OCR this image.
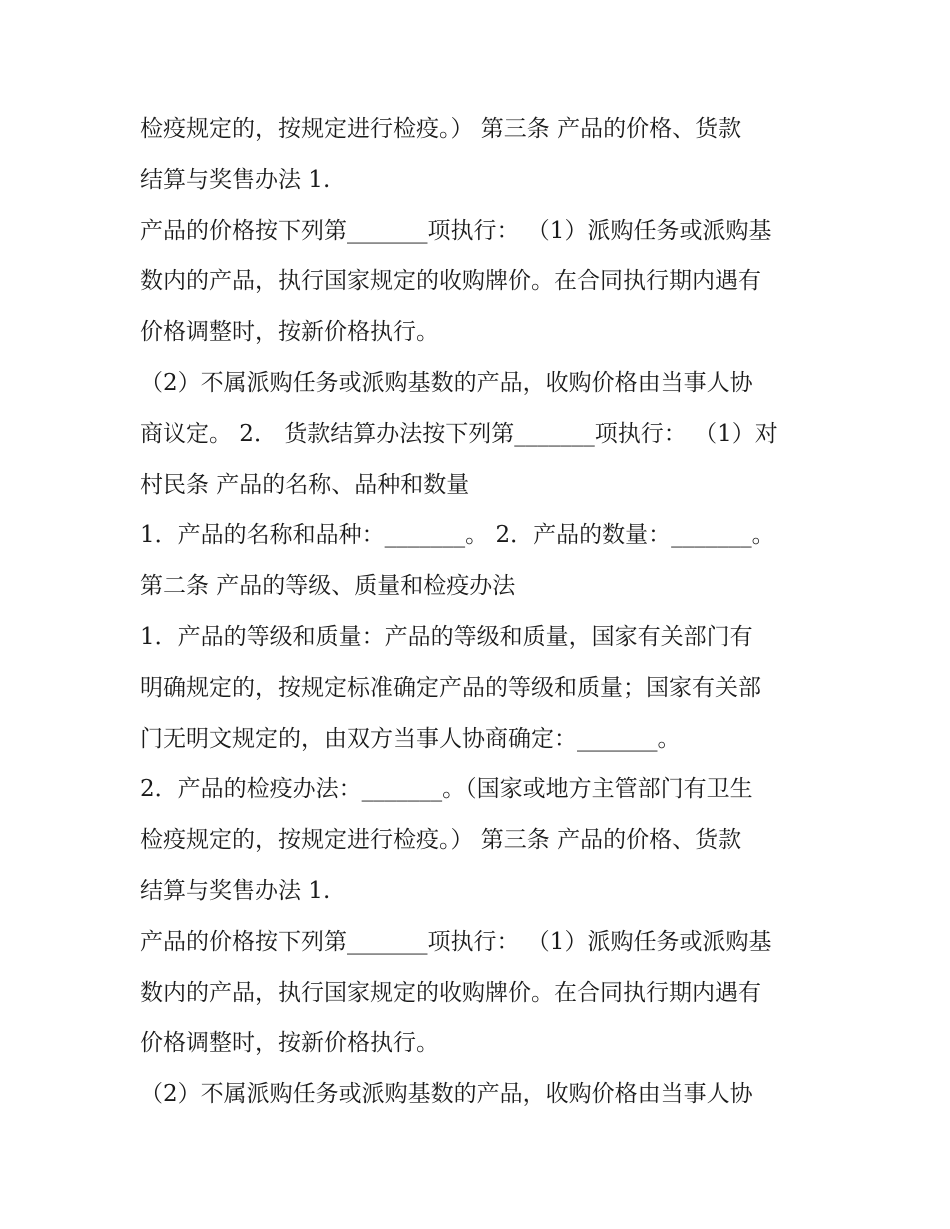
检疫规定的，按规定进行检疫。） 第三条 产品的价格、货款
结算与奖售办法 1.
产品的价格按下列第_______项执行： （1）派购任务或派购基
数内的产品，执行国家规定的收购牌价。在合同执行期内遇有
价格调整时，按新价格执行。
（2）不属派购任务或派购基数的产品，收购价格由当事人协
商议定。 2． 货款结算办法按下列第_______项执行： （1）对
村民条 产品的名称、品种和数量
1．产品的名称和品种：_______。 2．产品的数量：_______。
第二条 产品的等级、质量和检疫办法
1．产品的等级和质量：产品的等级和质量，国家有关部门有
明确规定的，按规定标准确定产品的等级和质量；国家有关部
门无明文规定的，由双方当事人协商确定：_______。
2．产品的检疫办法：_______。（国家或地方主管部门有卫生
检疫规定的，按规定进行检疫。） 第三条 产品的价格、货款
结算与奖售办法 1.
产品的价格按下列第_______项执行： （1）派购任务或派购基
数内的产品，执行国家规定的收购牌价。在合同执行期内遇有
价格调整时，按新价格执行。
（2）不属派购任务或派购基数的产品，收购价格由当事人协
